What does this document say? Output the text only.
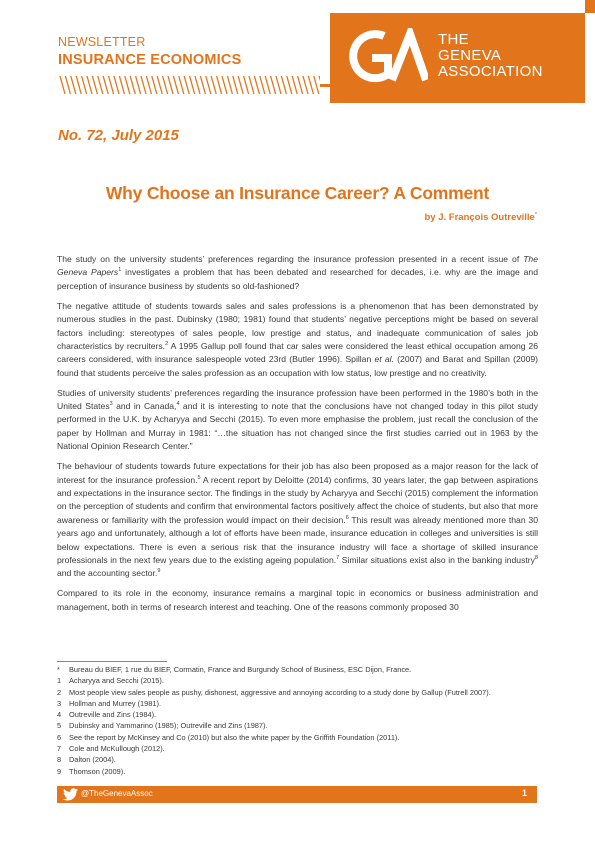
NEWSLETTER
INSURANCE ECONOMICS
THE
GENEVA
ASSOCIATION
No. 72, July 2015
Why Choose an Insurance Career? A Comment
by J. François Outreville*

The study on the university students’ preferences regarding the insurance profession presented in a recent issue of The Geneva Papers$^1$ investigates a problem that has been debated and researched for decades, i.e. why are the image and perception of insurance business by students so old-fashioned?

The negative attitude of students towards sales and sales professions is a phenomenon that has been demonstrated by numerous studies in the past. Dubinsky (1980; 1981) found that students’ negative perceptions might be based on several factors including: stereotypes of sales people, low prestige and status, and inadequate communication of sales job characteristics by recruiters.$^2$ A 1995 Gallup poll found that car sales were considered the least ethical occupation among 26 careers considered, with insurance salespeople voted 23rd (Butler 1996). Spillan et al. (2007) and Barat and Spillan (2009) found that students perceive the sales profession as an occupation with low status, low prestige and no creativity.

Studies of university students’ preferences regarding the insurance profession have been performed in the 1980’s both in the United States$^3$ and in Canada,$^4$ and it is interesting to note that the conclusions have not changed today in this pilot study performed in the U.K. by Acharyya and Secchi (2015). To even more emphasise the problem, just recall the conclusion of the paper by Hollman and Murray in 1981: “…the situation has not changed since the first studies carried out in 1963 by the National Opinion Research Center.”

The behaviour of students towards future expectations for their job has also been proposed as a major reason for the lack of interest for the insurance profession.$^5$ A recent report by Deloitte (2014) confirms, 30 years later, the gap between aspirations and expectations in the insurance sector. The findings in the study by Acharyya and Secchi (2015) complement the information on the perception of students and confirm that environmental factors positively affect the choice of students, but also that more awareness or familiarity with the profession would impact on their decision.$^6$ This result was already mentioned more than 30 years ago and unfortunately, although a lot of efforts have been made, insurance education in colleges and universities is still below expectations. There is even a serious risk that the insurance industry will face a shortage of skilled insurance professionals in the next few years due to the existing ageing population.$^7$ Similar situations exist also in the banking industry$^8$ and the accounting sector.$^9$

Compared to its role in the economy, insurance remains a marginal topic in economics or business administration and management, both in terms of research interest and teaching. One of the reasons commonly proposed 30

*	Bureau du BIEF, 1 rue du BIEF, Cormatin, France and Burgundy School of Business, ESC Dijon, France.
1	Acharyya and Secchi (2015).
2	Most people view sales people as pushy, dishonest, aggressive and annoying according to a study done by Gallup (Futrell 2007).
3	Hollman and Murrey (1981).
4	Outreville and Zins (1984).
5	Dubinsky and Yammarino (1985); Outreville and Zins (1987).
6	See the report by McKinsey and Co (2010) but also the white paper by the Griffith Foundation (2011).
7	Cole and McKullough (2012).
8	Dalton (2004).
9	Thomson (2009).
@TheGenevaAssoc	1
